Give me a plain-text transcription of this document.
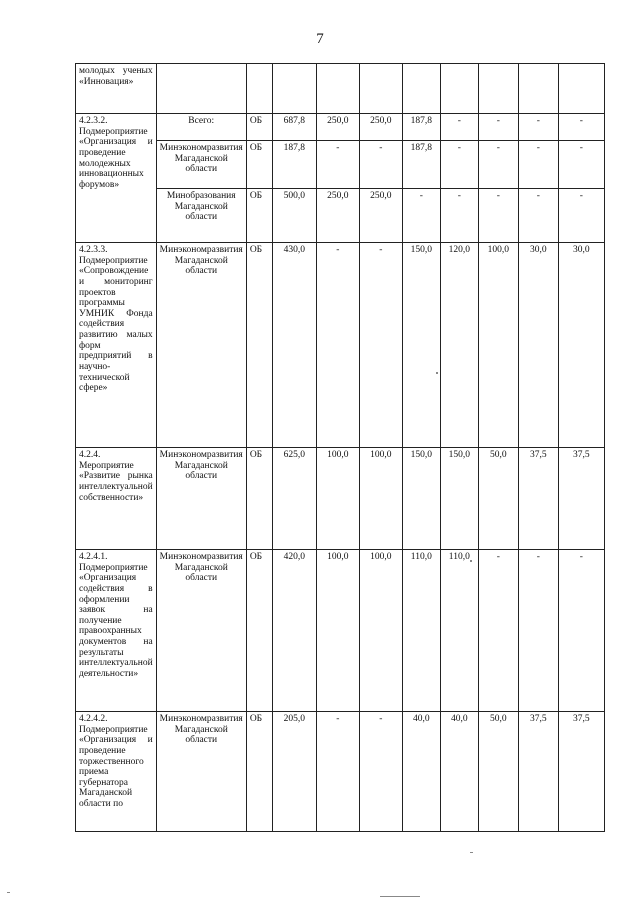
7
молодых ученых «Инновация»										

4.2.3.2. Подмероприятие «Организация и проведение молодежных инновационных форумов»	Всего:	ОБ	687,8	250,0	250,0	187,8	-	-	-	-
	Минэкономразвития Магаданской области	ОБ	187,8	-	-	187,8	-	-	-	-
	Минобразования Магаданской области	ОБ	500,0	250,0	250,0	-	-	-	-	-

4.2.3.3. Подмероприятие «Сопровождение и мониторинг проектов программы УМНИК Фонда содействия развитию малых форм предприятий в научно-технической сфере»	Минэкономразвития Магаданской области	ОБ	430,0	-	-	150,0	120,0	100,0	30,0	30,0

4.2.4. Мероприятие «Развитие рынка интеллектуальной собственности»	Минэкономразвития Магаданской области	ОБ	625,0	100,0	100,0	150,0	150,0	50,0	37,5	37,5

4.2.4.1. Подмероприятие «Организация содействия в оформлении заявок на получение правоохранных документов на результаты интеллектуальной деятельности»	Минэкономразвития Магаданской области	ОБ	420,0	100,0	100,0	110,0	110,0	-	-	-

4.2.4.2. Подмероприятие «Организация и проведение торжественного приема губернатора Магаданской области по	Минэкономразвития Магаданской области	ОБ	205,0	-	-	40,0	40,0	50,0	37,5	37,5
